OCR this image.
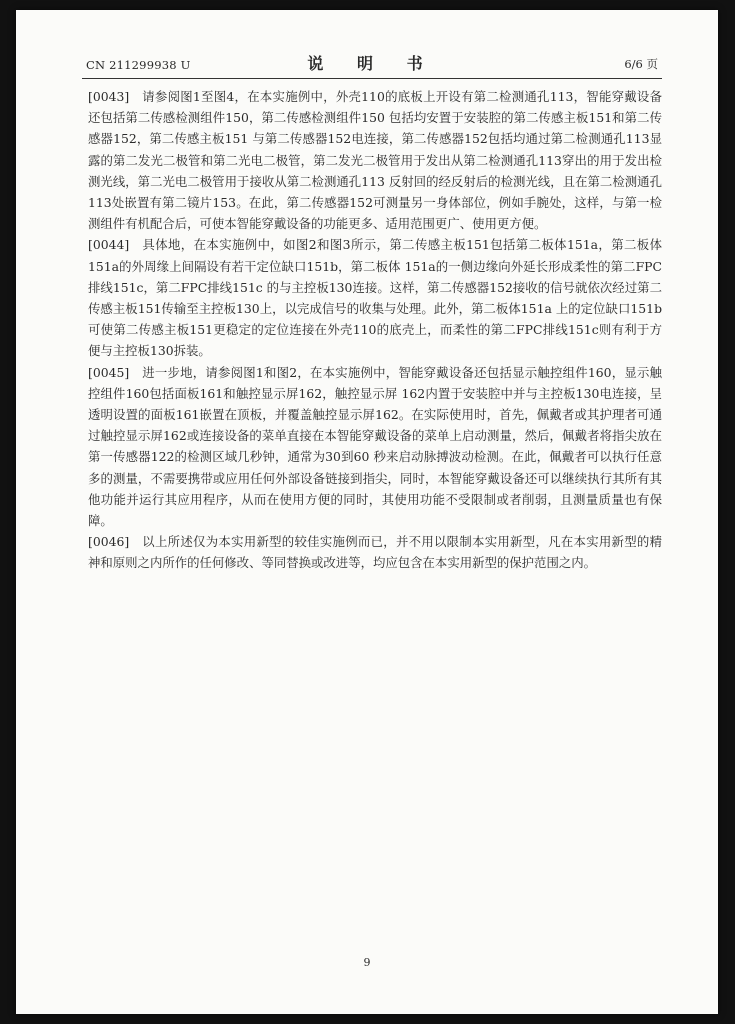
CN 211299938 U	说 明 书	6/6 页

[0043] 请参阅图1至图4，在本实施例中，外壳110的底板上开设有第二检测通孔113，智能穿戴设备还包括第二传感检测组件150，第二传感检测组件150 包括均安置于安装腔的第二传感主板151和第二传感器152，第二传感主板151 与第二传感器152电连接，第二传感器152包括均通过第二检测通孔113显露的第二发光二极管和第二光电二极管，第二发光二极管用于发出从第二检测通孔113穿出的用于发出检测光线，第二光电二极管用于接收从第二检测通孔113 反射回的经反射后的检测光线，且在第二检测通孔113处嵌置有第二镜片153。在此，第二传感器152可测量另一身体部位，例如手腕处，这样，与第一检测组件有机配合后，可使本智能穿戴设备的功能更多、适用范围更广、使用更方便。

[0044] 具体地，在本实施例中，如图2和图3所示，第二传感主板151包括第二板体151a，第二板体151a的外周缘上间隔设有若干定位缺口151b，第二板体 151a的一侧边缘向外延长形成柔性的第二FPC排线151c，第二FPC排线151c 的与主控板130连接。这样，第二传感器152接收的信号就依次经过第二传感主板151传输至主控板130上，以完成信号的收集与处理。此外，第二板体151a 上的定位缺口151b可使第二传感主板151更稳定的定位连接在外壳110的底壳上，而柔性的第二FPC排线151c则有利于方便与主控板130拆装。

[0045] 进一步地，请参阅图1和图2，在本实施例中，智能穿戴设备还包括显示触控组件160，显示触控组件160包括面板161和触控显示屏162，触控显示屏 162内置于安装腔中并与主控板130电连接，呈透明设置的面板161嵌置在顶板，并覆盖触控显示屏162。在实际使用时，首先，佩戴者或其护理者可通过触控显示屏162或连接设备的菜单直接在本智能穿戴设备的菜单上启动测量，然后，佩戴者将指尖放在第一传感器122的检测区域几秒钟，通常为30到60 秒来启动脉搏波动检测。在此，佩戴者可以执行任意多的测量，不需要携带或应用任何外部设备链接到指尖，同时，本智能穿戴设备还可以继续执行其所有其他功能并运行其应用程序，从而在使用方便的同时，其使用功能不受限制或者削弱，且测量质量也有保障。

[0046] 以上所述仅为本实用新型的较佳实施例而已，并不用以限制本实用新型，凡在本实用新型的精神和原则之内所作的任何修改、等同替换或改进等，均应包含在本实用新型的保护范围之内。

9
